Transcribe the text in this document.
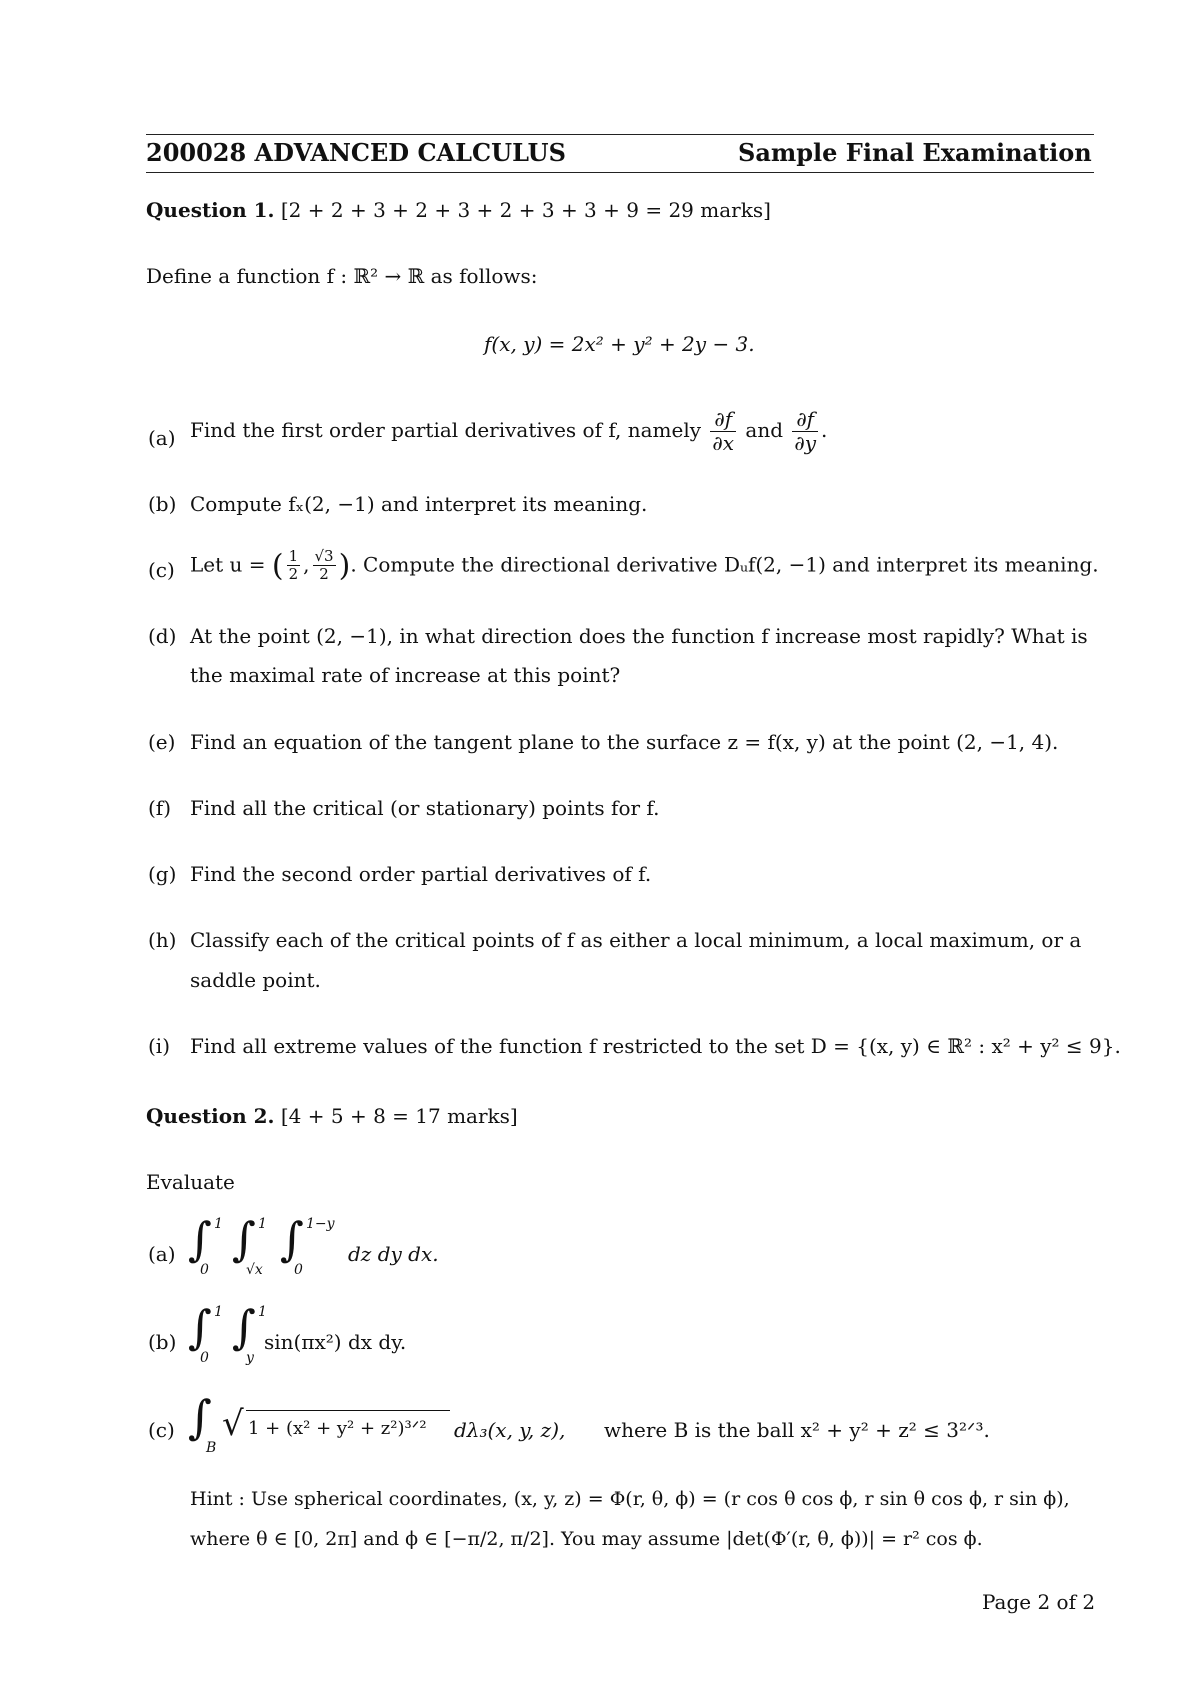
200028 ADVANCED CALCULUS	Sample Final Examination
Question 1. [2 + 2 + 3 + 2 + 3 + 2 + 3 + 3 + 9 = 29 marks]
Define a function f : ℝ² → ℝ as follows:
f(x, y) = 2x² + y² + 2y − 3.
(a) Find the first order partial derivatives of f, namely $\frac{\partial f}{\partial x}$ and $\frac{\partial f}{\partial y}$ .
(b) Compute fₓ(2, −1) and interpret its meaning.
(c) Let u = ( $\frac{1}{2}$ , $\frac{√3}{2}$ ). Compute the directional derivative Dᵤf(2, −1) and interpret its meaning.
(d) At the point (2, −1), in what direction does the function f increase most rapidly? What is
the maximal rate of increase at this point?
(e) Find an equation of the tangent plane to the surface z = f(x, y) at the point (2, −1, 4).
(f) Find all the critical (or stationary) points for f.
(g) Find the second order partial derivatives of f.
(h) Classify each of the critical points of f as either a local minimum, a local maximum, or a
saddle point.
(i) Find all extreme values of the function f restricted to the set D = {(x, y) ∈ ℝ² : x² + y² ≤ 9}.
Question 2. [4 + 5 + 8 = 17 marks]
Evaluate
(a) ∫ 1
0
∫ 1
√x
∫ 1−y
0
dz dy dx.
(b) ∫ 1
0
∫ 1
y
sin(πx²) dx dy.
(c) ∫
B
√ 1 + (x² + y² + z²)³ᐟ² dλ₃(x, y, z), where B is the ball x² + y² + z² ≤ 3²ᐟ³.
Hint : Use spherical coordinates, (x, y, z) = Φ(r, θ, ϕ) = (r cos θ cos ϕ, r sin θ cos ϕ, r sin ϕ),
where θ ∈ [0, 2π] and ϕ ∈ [−π/2, π/2]. You may assume |det(Φ′(r, θ, ϕ))| = r² cos ϕ.
Page 2 of 2
